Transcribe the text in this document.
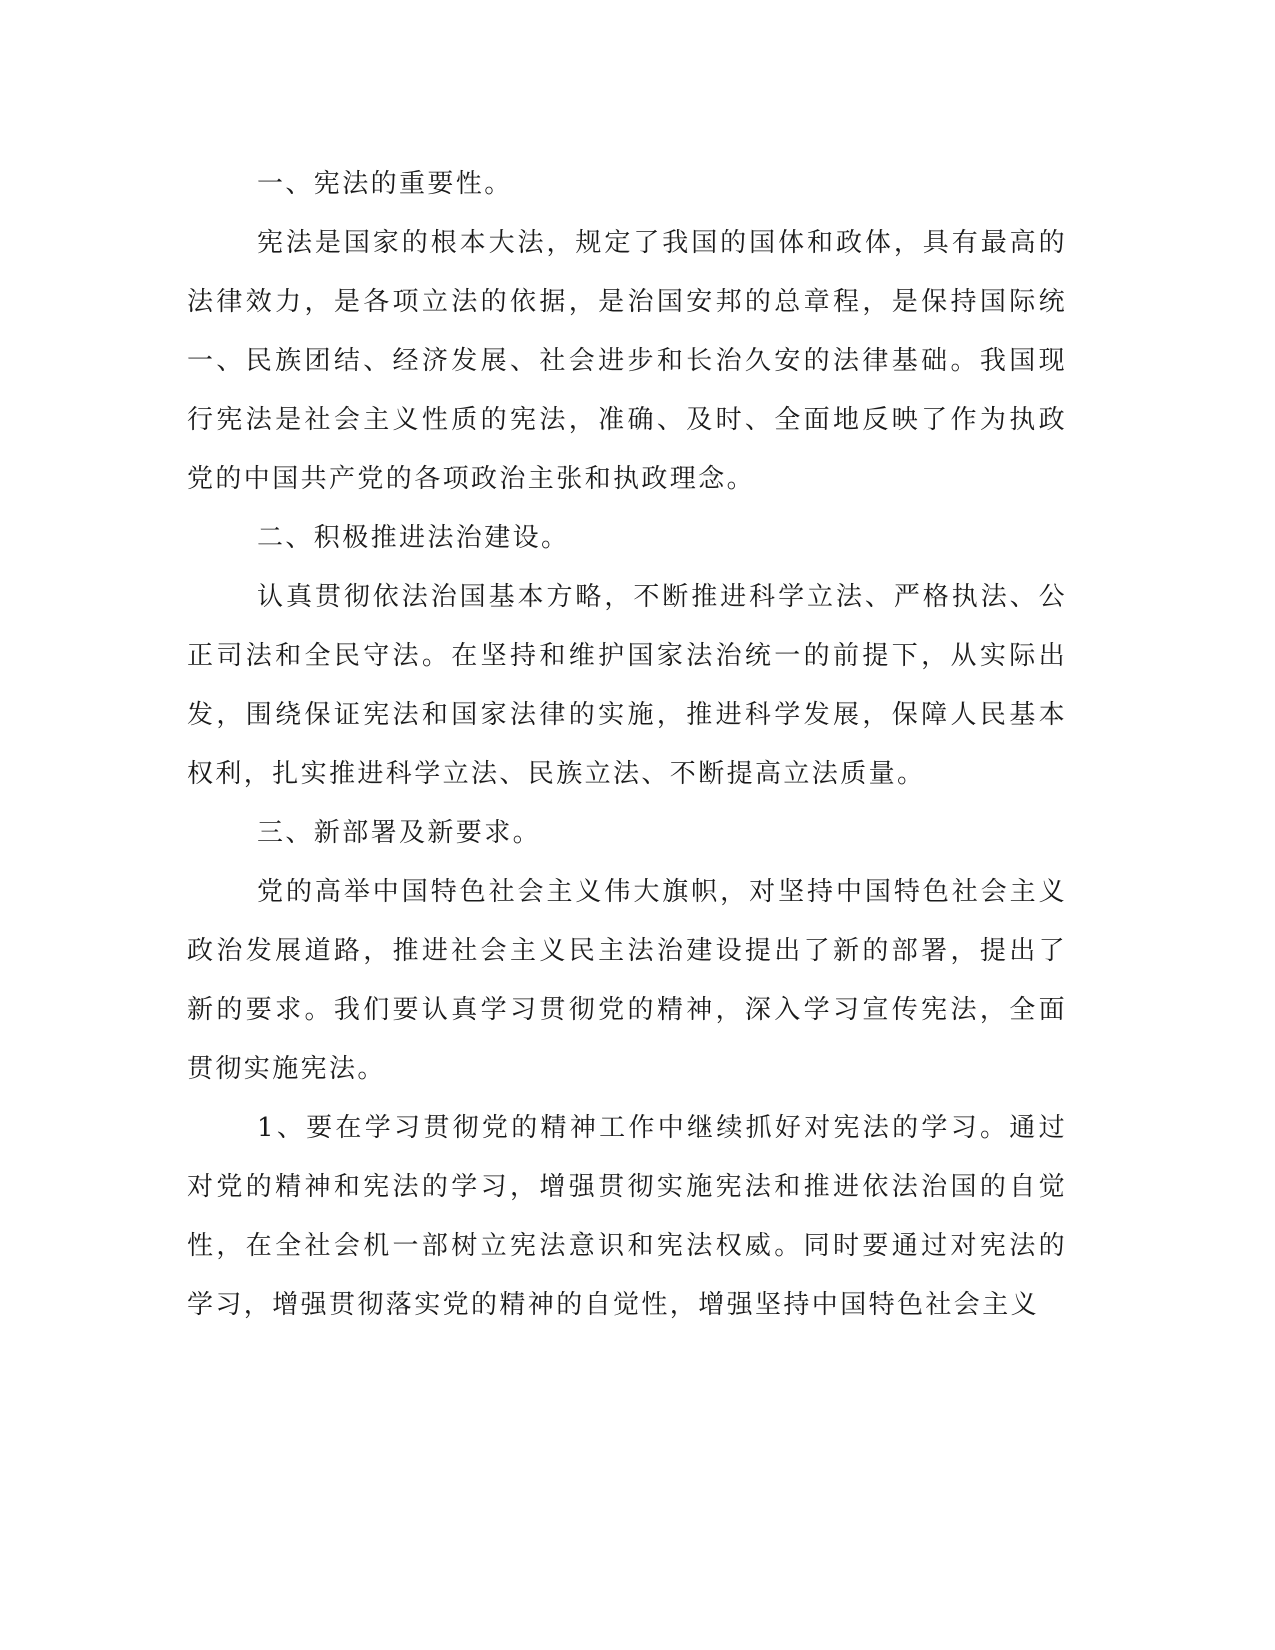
一、宪法的重要性。

宪法是国家的根本大法，规定了我国的国体和政体，具有最高的法律效力，是各项立法的依据，是治国安邦的总章程，是保持国际统一、民族团结、经济发展、社会进步和长治久安的法律基础。我国现行宪法是社会主义性质的宪法，准确、及时、全面地反映了作为执政党的中国共产党的各项政治主张和执政理念。

二、积极推进法治建设。

认真贯彻依法治国基本方略，不断推进科学立法、严格执法、公正司法和全民守法。在坚持和维护国家法治统一的前提下，从实际出发，围绕保证宪法和国家法律的实施，推进科学发展，保障人民基本权利，扎实推进科学立法、民族立法、不断提高立法质量。

三、新部署及新要求。

党的高举中国特色社会主义伟大旗帜，对坚持中国特色社会主义政治发展道路，推进社会主义民主法治建设提出了新的部署，提出了新的要求。我们要认真学习贯彻党的精神，深入学习宣传宪法，全面贯彻实施宪法。

1、要在学习贯彻党的精神工作中继续抓好对宪法的学习。通过对党的精神和宪法的学习，增强贯彻实施宪法和推进依法治国的自觉性，在全社会机一部树立宪法意识和宪法权威。同时要通过对宪法的学习，增强贯彻落实党的精神的自觉性，增强坚持中国特色社会主义
